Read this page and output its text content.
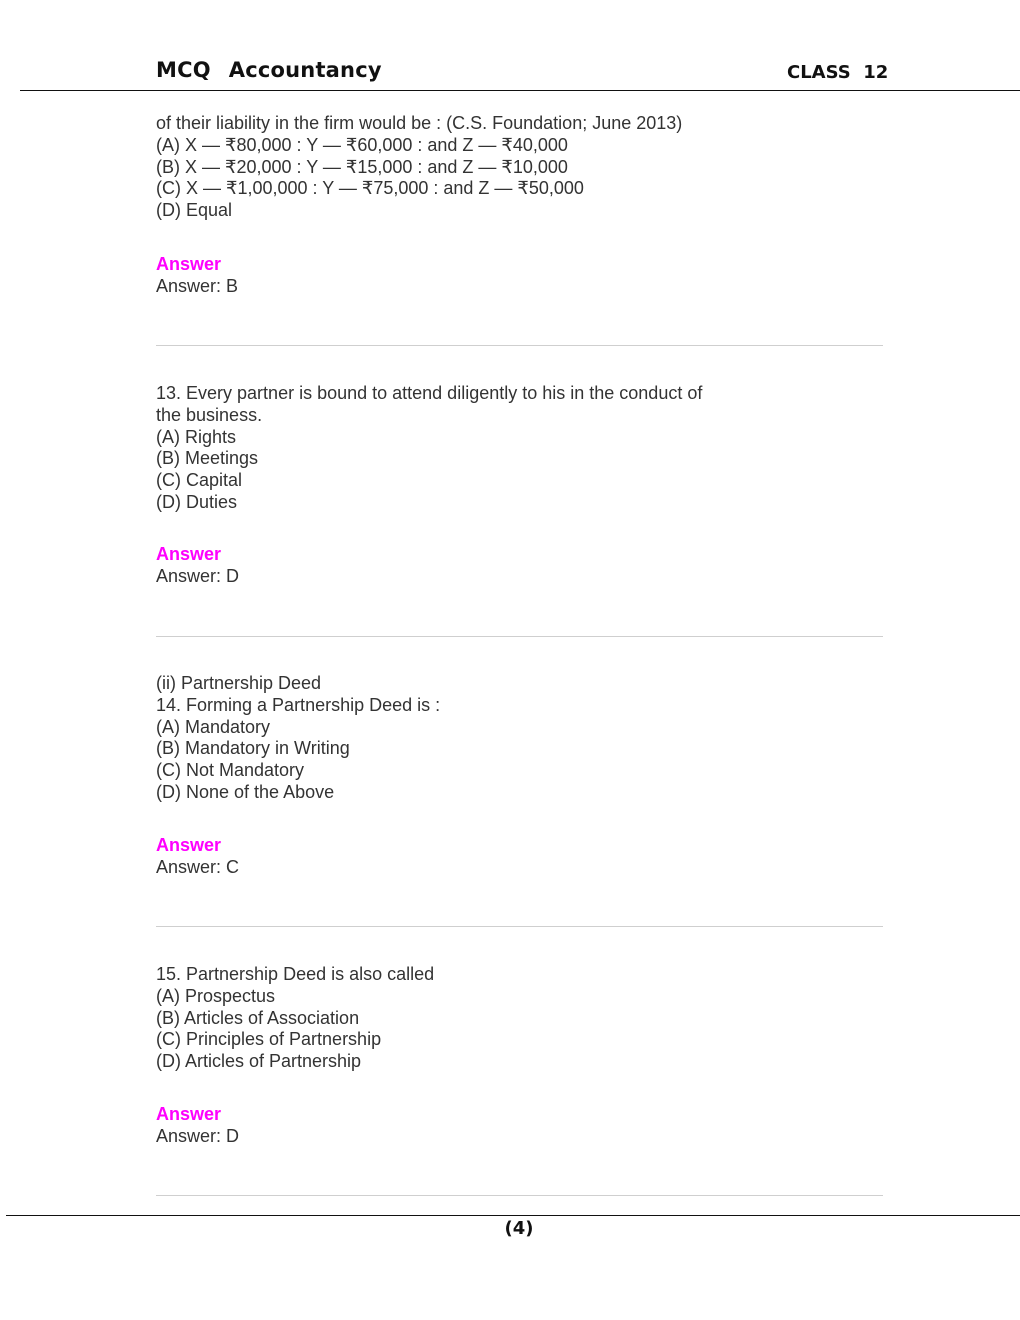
MCQ Accountancy	CLASS  12
of their liability in the firm would be : (C.S. Foundation; June 2013)
(A) X — ₹80,000 : Y — ₹60,000 : and Z — ₹40,000
(B) X — ₹20,000 : Y — ₹15,000 : and Z — ₹10,000
(C) X — ₹1,00,000 : Y — ₹75,000 : and Z — ₹50,000
(D) Equal
Answer
Answer: B
13. Every partner is bound to attend diligently to his in the conduct of
the business.
(A) Rights
(B) Meetings
(C) Capital
(D) Duties
Answer
Answer: D
(ii) Partnership Deed
14. Forming a Partnership Deed is :
(A) Mandatory
(B) Mandatory in Writing
(C) Not Mandatory
(D) None of the Above
Answer
Answer: C
15. Partnership Deed is also called
(A) Prospectus
(B) Articles of Association
(C) Principles of Partnership
(D) Articles of Partnership
Answer
Answer: D
(4)
